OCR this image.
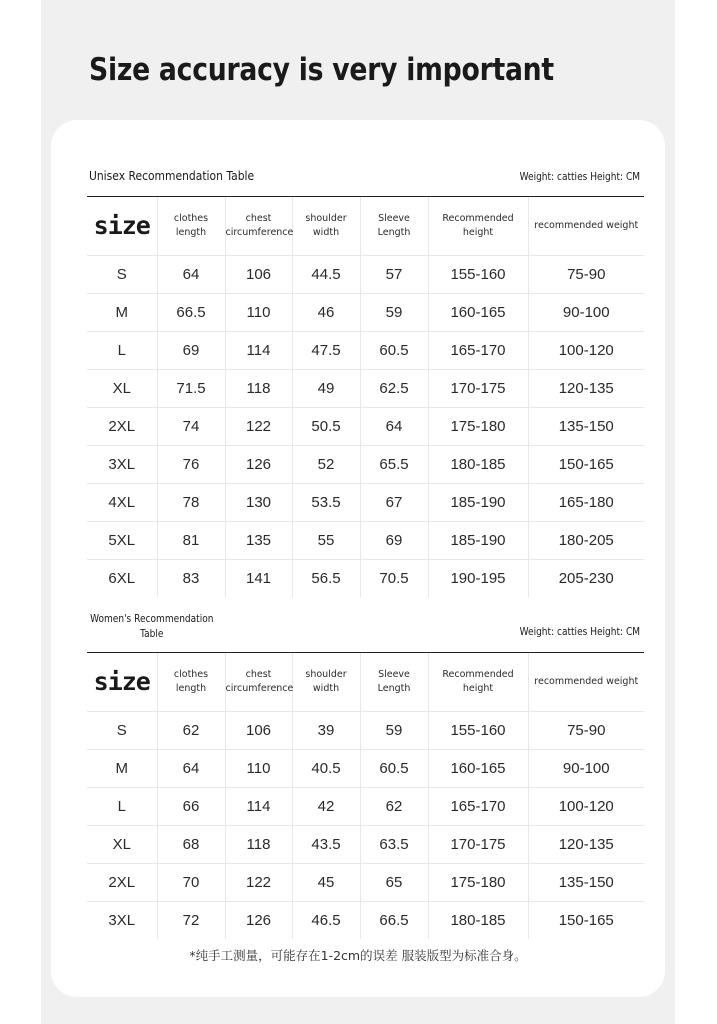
Size accuracy is very important
Unisex Recommendation Table	Weight: catties Height: CM
size	clothes length	chest circumference	shoulder width	Sleeve Length	Recommended height	recommended weight
S	64	106	44.5	57	155-160	75-90
M	66.5	110	46	59	160-165	90-100
L	69	114	47.5	60.5	165-170	100-120
XL	71.5	118	49	62.5	170-175	120-135
2XL	74	122	50.5	64	175-180	135-150
3XL	76	126	52	65.5	180-185	150-165
4XL	78	130	53.5	67	185-190	165-180
5XL	81	135	55	69	185-190	180-205
6XL	83	141	56.5	70.5	190-195	205-230
Women's Recommendation Table	Weight: catties Height: CM
size	clothes length	chest circumference	shoulder width	Sleeve Length	Recommended height	recommended weight
S	62	106	39	59	155-160	75-90
M	64	110	40.5	60.5	160-165	90-100
L	66	114	42	62	165-170	100-120
XL	68	118	43.5	63.5	170-175	120-135
2XL	70	122	45	65	175-180	135-150
3XL	72	126	46.5	66.5	180-185	150-165
*纯手工测量，可能存在1-2cm的误差 服装版型为标准合身。
